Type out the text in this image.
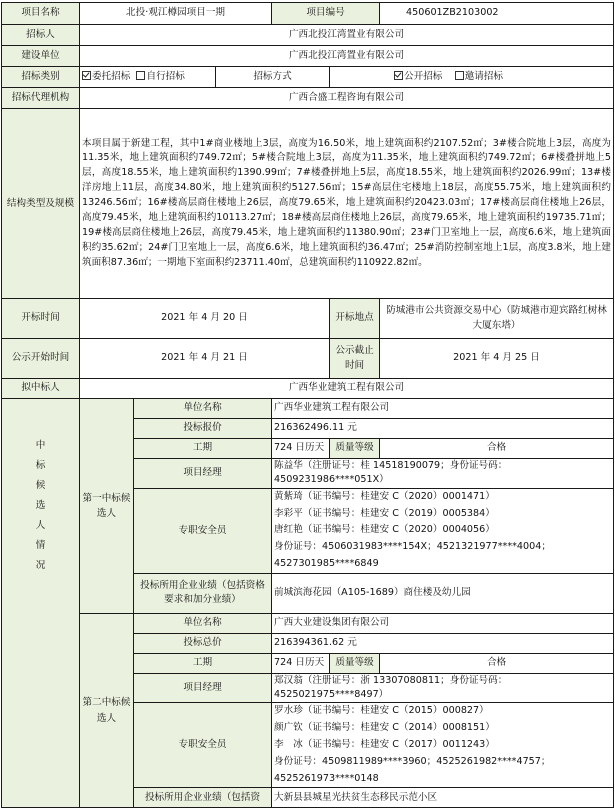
项目名称	北投·观江樽园项目一期			项目编号		450601ZB2103002
招标人	广西北投江湾置业有限公司					
建设单位	广西北投江湾置业有限公司					
招标类别	委托招标 自行招标		招标方式		公开招标 邀请招标	
招标代理机构	广西合盛工程咨询有限公司					
结构类型及规模	本项目属于新建工程，其中1#商业楼地上3层，高度为16.50米，地上建筑面积约2107.52㎡；3#楼合院地上3层，高度为11.35米，地上建筑面积约749.72㎡；5#楼合院地上3层，高度为11.35米，地上建筑面积约749.72㎡；6#楼叠拼地上5层，高度18.55米，地上建筑面积约1390.99㎡；7#楼叠拼地上5层，高度18.55米，地上建筑面积约2026.99㎡；13#楼洋房地上11层，高度34.80米，地上建筑面积约5127.56㎡；15#高层住宅楼地上18层，高度55.75米，地上建筑面积约13246.56㎡；16#楼高层商住楼地上26层，高度79.65米，地上建筑面积约20423.03㎡；17#楼高层商住楼地上26层，高度79.45米，地上建筑面积约10113.27㎡；18#楼高层商住楼地上26层，高度79.65米，地上建筑面积约19735.71㎡；19#楼高层商住楼地上26层，高度79.45米，地上建筑面积约11380.90㎡；23#门卫室地上一层，高度6.6米，地上建筑面积约35.62㎡；24#门卫室地上一层，高度6.6米，地上建筑面积约36.47㎡；25#消防控制室地上1层，高度3.8米，地上建筑面积87.36㎡；一期地下室面积约23711.40㎡，总建筑面积约110922.82㎡。					
开标时间	2021 年 4 月 20 日				开标地点	防城港市公共资源交易中心（防城港市迎宾路红树林大厦东塔）
公示开始时间	2021 年 4 月 21 日				公示截止时间	2021 年 4 月 25 日
拟中标人	广西华业建筑工程有限公司					
中标候选人情况	第一中标候选人	单位名称		广西华业建筑工程有限公司		
		投标报价		216362496.11 元		
		工期		724 日历天	质量等级	合格
		项目经理		陈益华（注册证号：桂 14518190079；身份证号码：4509231986****051X）		
		专职安全员		黄紫琦（证书编号：桂建安 C（2020）0001471）
李彩平（证书编号：桂建安 C（2019）0005384）
唐红艳（证书编号：桂建安 C（2020）0004056）
身份证号：4506031983****154X；4521321977****4004；4527301985****6849		

		投标所用企业业绩（包括资格要求和加分业绩）		前城滨海花园（A105-1689）商住楼及幼儿园		
	第二中标候选人	单位名称		广西大业建设集团有限公司		
		投标总价		216394361.62 元		
		工期		724 日历天	质量等级	合格
		项目经理		郑汉翁（注册证号：浙 13307080811；身份证号码：4525021975****8497）		
		专职安全员		罗水珍（证书编号：桂建安 C（2015）000827）
颜广钦（证书编号：桂建安 C（2014）0008151）
李　冰（证书编号：桂建安 C（2017）0011243）
身份证号：4509811989****3960；4525261982****4757；4525261973****0148		

		投标所用企业业绩（包括资		大新县县城星光扶贫生态移民示范小区		
